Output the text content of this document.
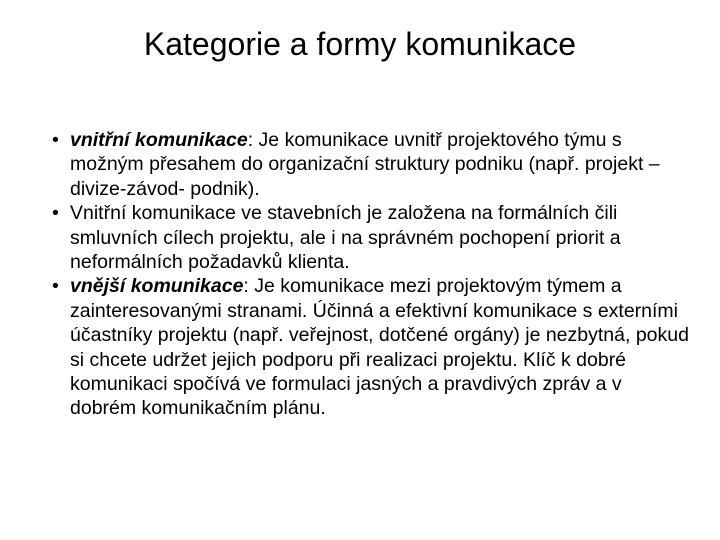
Kategorie a formy komunikace
• vnitřní komunikace: Je komunikace uvnitř projektového týmu s možným přesahem do organizační struktury podniku (např. projekt –divize-závod- podnik).
• Vnitřní komunikace ve stavebních je založena na formálních čili smluvních cílech projektu, ale i na správném pochopení priorit a neformálních požadavků klienta.
• vnější komunikace: Je komunikace mezi projektovým týmem a zainteresovanými stranami. Účinná a efektivní komunikace s externími účastníky projektu (např. veřejnost, dotčené orgány) je nezbytná, pokud si chcete udržet jejich podporu při realizaci projektu. Klíč k dobré komunikaci spočívá ve formulaci jasných a pravdivých zpráv a v dobrém komunikačním plánu.
